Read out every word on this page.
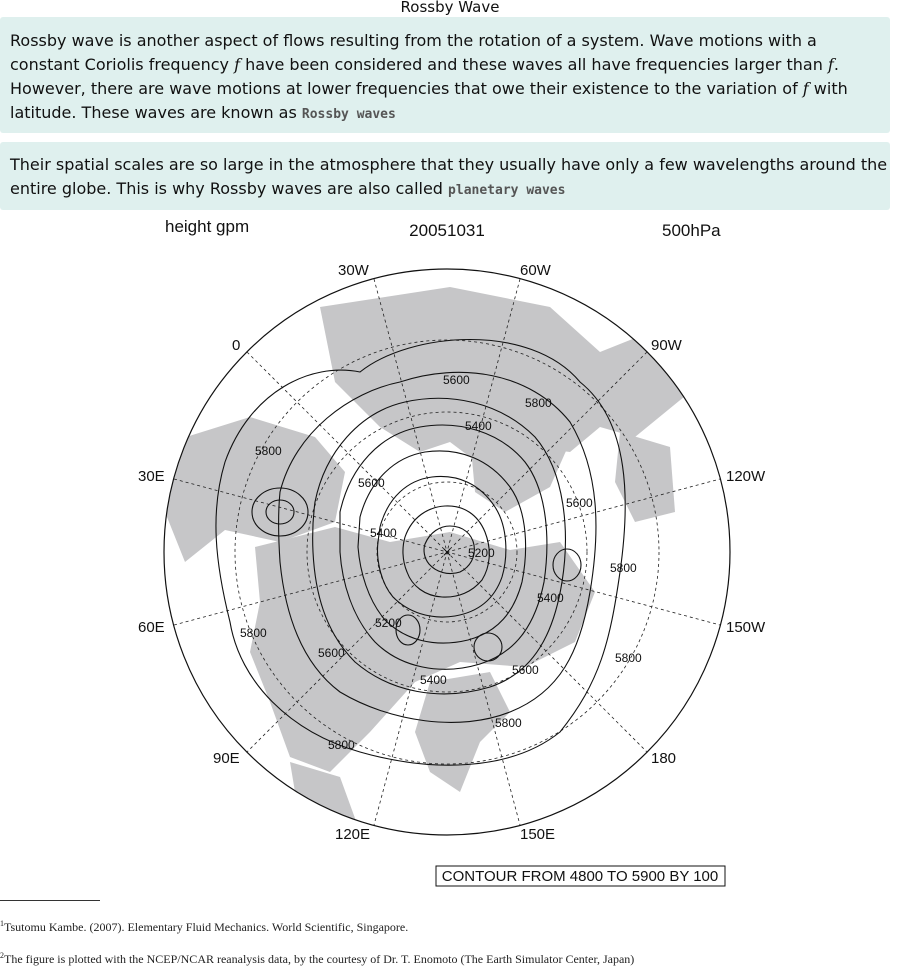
Rossby Wave
Rossby wave is another aspect of flows resulting from the rotation of a system. Wave motions with a constant Coriolis frequency f have been considered and these waves all have frequencies larger than f. However, there are wave motions at lower frequencies that owe their existence to the variation of f with latitude. These waves are known as Rossby waves
Their spatial scales are so large in the atmosphere that they usually have only a few wavelengths around the entire globe. This is why Rossby waves are also called planetary waves
height gpm	20051031	500hPa
×
5600
5800
5800
5400
5600
5600
5400
5200
5800
5400
5800
5200
5600	5800
5400
5600
5800
5800
30W	60W
0	90W
30E	120W
60E	150W
90E	180
120E	150E
CONTOUR FROM 4800 TO 5900 BY 100
$^1$Tsutomu Kambe. (2007). Elementary Fluid Mechanics. World Scientific, Singapore.
$^2$The figure is plotted with the NCEP/NCAR reanalysis data, by the courtesy of Dr. T. Enomoto (The Earth Simulator Center, Japan)
